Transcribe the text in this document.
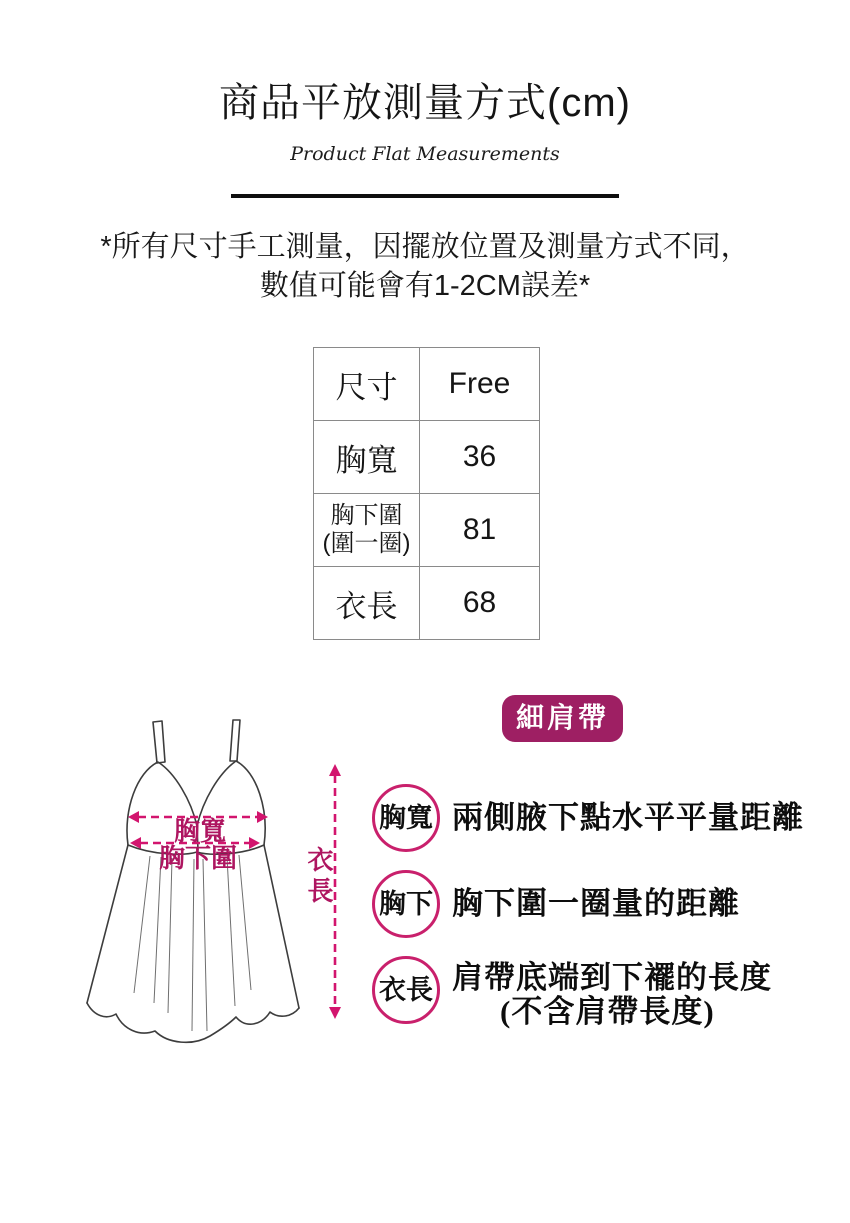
商品平放測量方式(cm)
Product Flat Measurements
*所有尺寸手工測量，因擺放位置及測量方式不同，
數值可能會有1-2CM誤差*
尺寸	Free
胸寬	36

胸下圍
(圍一圈)	81
衣長	68
細肩帶
胸寬
胸下圍	衣長
胸寬 兩側腋下點水平平量距離
胸下 胸下圍一圈量的距離
衣長 肩帶底端到下襬的長度
(不含肩帶長度)
